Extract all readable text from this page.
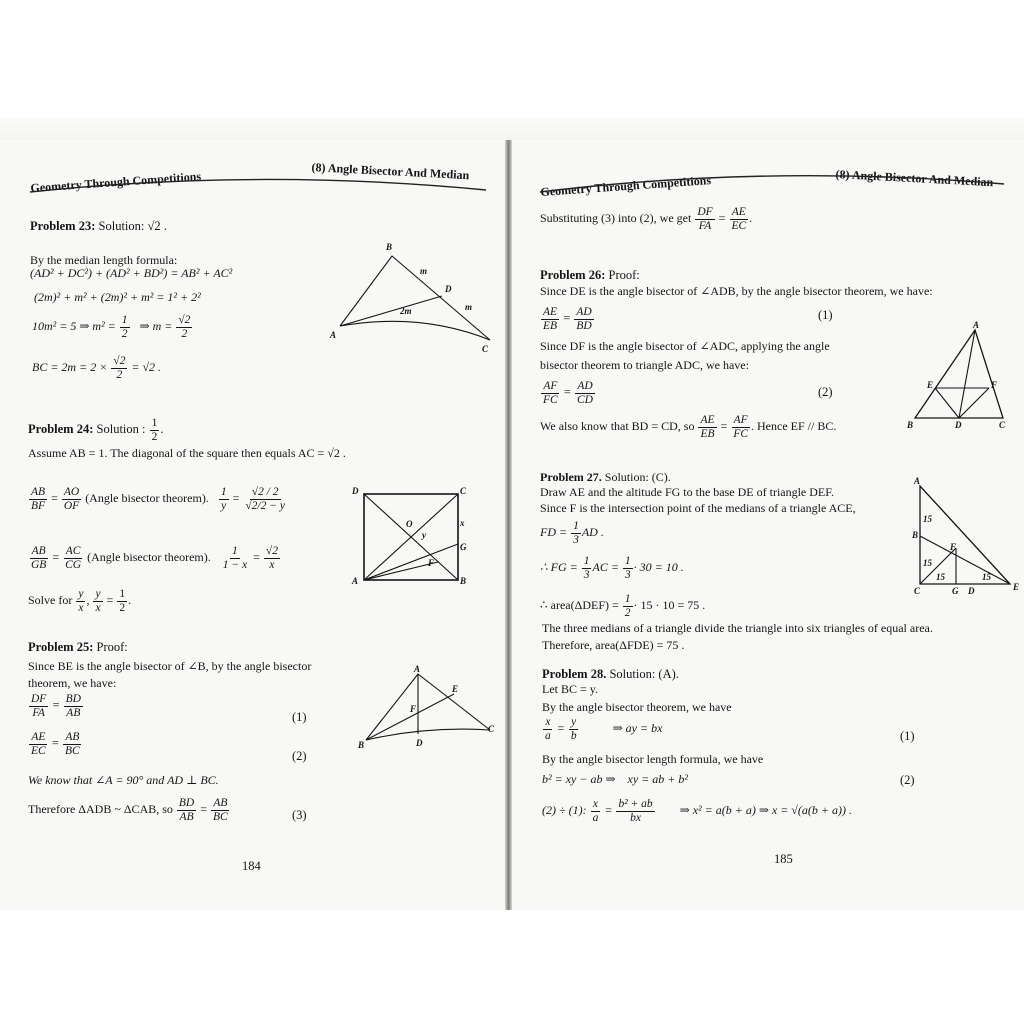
Geometry Through Competitions	(8) Angle Bisector And Median
Problem 23: Solution: √2 .
By the median length formula:
(AD² + DC²) + (AD² + BD²) = AB² + AC²
(2m)² + m² + (2m)² + m² = 1² + 2²
10m² = 5 ⇒ $m^2 = \frac{1}{2}$ ⇒ $m = \frac{√2}{2}$
BC = $2m = 2 \times \frac{√2}{2} = √2$ .
B
D
A
C
m
m
2m
Problem 24: Solution : $\frac{1}{2}$ .
Assume AB = 1. The diagonal of the square then equals AC = √2 .
$\frac{AB}{BF} = \frac{AO}{OF}$ (Angle bisector theorem). $\frac{1}{y} = \frac{√2 / 2}{√2/2 - y}$
$\frac{AB}{GB} = \frac{AC}{CG}$ (Angle bisector theorem). $\frac{1}{1 - x} = \frac{√2}{x}$
Solve for $\frac{y}{x}$ , $\frac{y}{x} = \frac{1}{2}$ .
D	C
A	B
O
F
G
x
y
Problem 25: Proof:
Since BE is the angle bisector of ∠B, by the angle bisector
theorem, we have:
$\frac{DF}{FA} = \frac{BD}{AB}$	(1)
$\frac{AE}{EC} = \frac{AB}{BC}$	(2)
We know that ∠A = 90° and AD ⊥ BC.
Therefore ΔADB ~ ΔCAB, so $\frac{BD}{AB} = \frac{AB}{BC}$	(3)
A
E
F
B	D
C
184
Geometry Through Competitions	(8) Angle Bisector And Median
Substituting (3) into (2), we get $\frac{DF}{FA} = \frac{AE}{EC}$ .
Problem 26: Proof:
Since DE is the angle bisector of ∠ADB, by the angle bisector theorem, we have:
$\frac{AE}{EB} = \frac{AD}{BD}$	(1)
Since DF is the angle bisector of ∠ADC, applying the angle
bisector theorem to triangle ADC, we have:
$\frac{AF}{FC} = \frac{AD}{CD}$	(2)
We also know that BD = CD, so $\frac{AE}{EB} = \frac{AF}{FC}$ . Hence EF // BC.
A
E	F
B	D	C
Problem 27. Solution: (C).
Draw AE and the altitude FG to the base DE of triangle DEF.
Since F is the intersection point of the medians of a triangle ACE,
FD = $\frac{1}{3}$ AD .
∴ FG = $\frac{1}{3}$ AC = $\frac{1}{3} \cdot 30 = 10$ .
∴ area(ΔDEF) = $\frac{1}{2} \cdot 15 \cdot 10 = 75$ .
The three medians of a triangle divide the triangle into six triangles of equal area.
Therefore, area(ΔFDE) = 75 .
A
B
C	G D	E
F
15
15
15	15
Problem 28. Solution: (A).
Let BC = y.
By the angle bisector theorem, we have
$\frac{x}{a} = \frac{y}{b}$	⇒ ay = bx
(1)
By the angle bisector length formula, we have
b² = xy − ab ⇒ xy = ab + b²	(2)
(2) ÷ (1): $\frac{x}{a} = \frac{\text{b² + ab}}{bx}$ ⇒ x² = a(b + a) ⇒ x = √(a(b + a)) .
185
